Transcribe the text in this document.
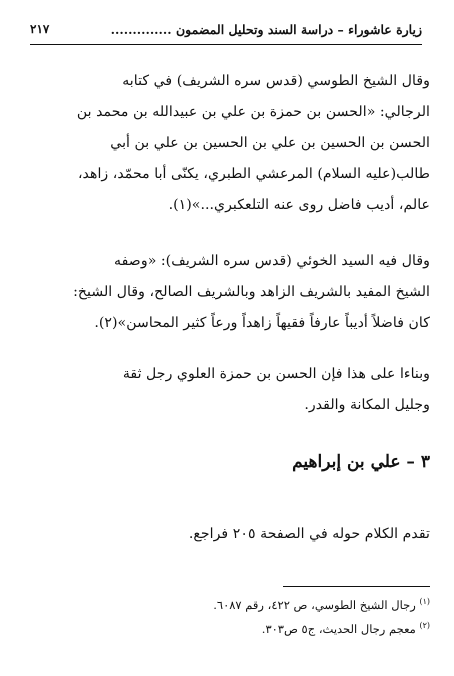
زيارة عاشوراء – دراسة السند وتحليل المضمون ..............
٢١٧
وقال الشيخ الطوسي (قدس سره الشريف) في كتابه
الرجالي: «الحسن بن حمزة بن علي بن عبيدالله بن محمد بن
الحسن بن الحسين بن علي بن الحسين بن علي بن أبي
طالب(عليه السلام) المرعشي الطبري، يكنّى أبا محمّد، زاهد،
عالم، أديب فاضل روى عنه التلعكبري...»(١).
وقال فيه السيد الخوئي (قدس سره الشريف): «وصفه
الشيخ المفيد بالشريف الزاهد وبالشريف الصالح، وقال الشيخ:
كان فاضلاً أديباً عارفاً فقيهاً زاهداً ورعاً كثير المحاسن»(٢).
وبناءا على هذا فإن الحسن بن حمزة العلوي رجل ثقة
وجليل المكانة والقدر.
٣ – علي بن إبراهيم
تقدم الكلام حوله في الصفحة ٢٠٥ فراجع.
$^{(١)}$ رجال الشيخ الطوسي، ص ٤٢٢، رقم ٦٠٨٧.
$^{(٢)}$ معجم رجال الحديث، ج٥ ص٣٠٣.
